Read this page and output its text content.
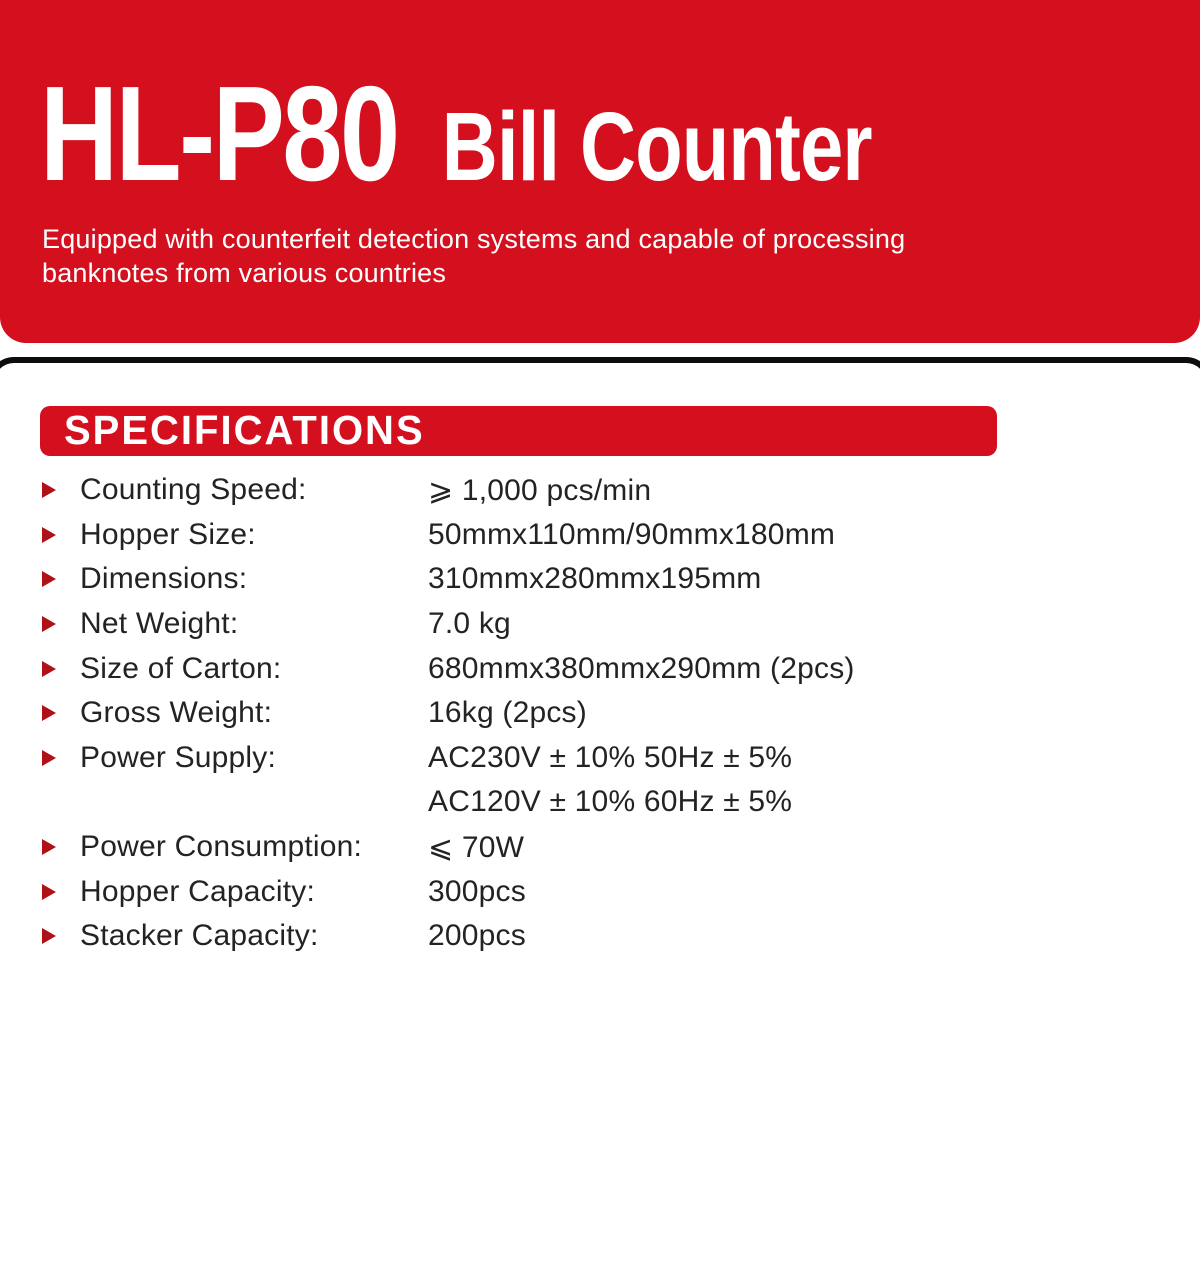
HL-P80 Bill Counter
Equipped with counterfeit detection systems and capable of processing
banknotes from various countries
SPECIFICATIONS
Counting Speed:	⩾ 1,000 pcs/min
Hopper Size:	50mmx110mm/90mmx180mm
Dimensions:	310mmx280mmx195mm
Net Weight:	7.0 kg
Size of Carton:	680mmx380mmx290mm (2pcs)
Gross Weight:	16kg (2pcs)
Power Supply:	AC230V ± 10% 50Hz ± 5%
AC120V ± 10% 60Hz ± 5%
Power Consumption:	⩽ 70W
Hopper Capacity:	300pcs
Stacker Capacity:	200pcs
